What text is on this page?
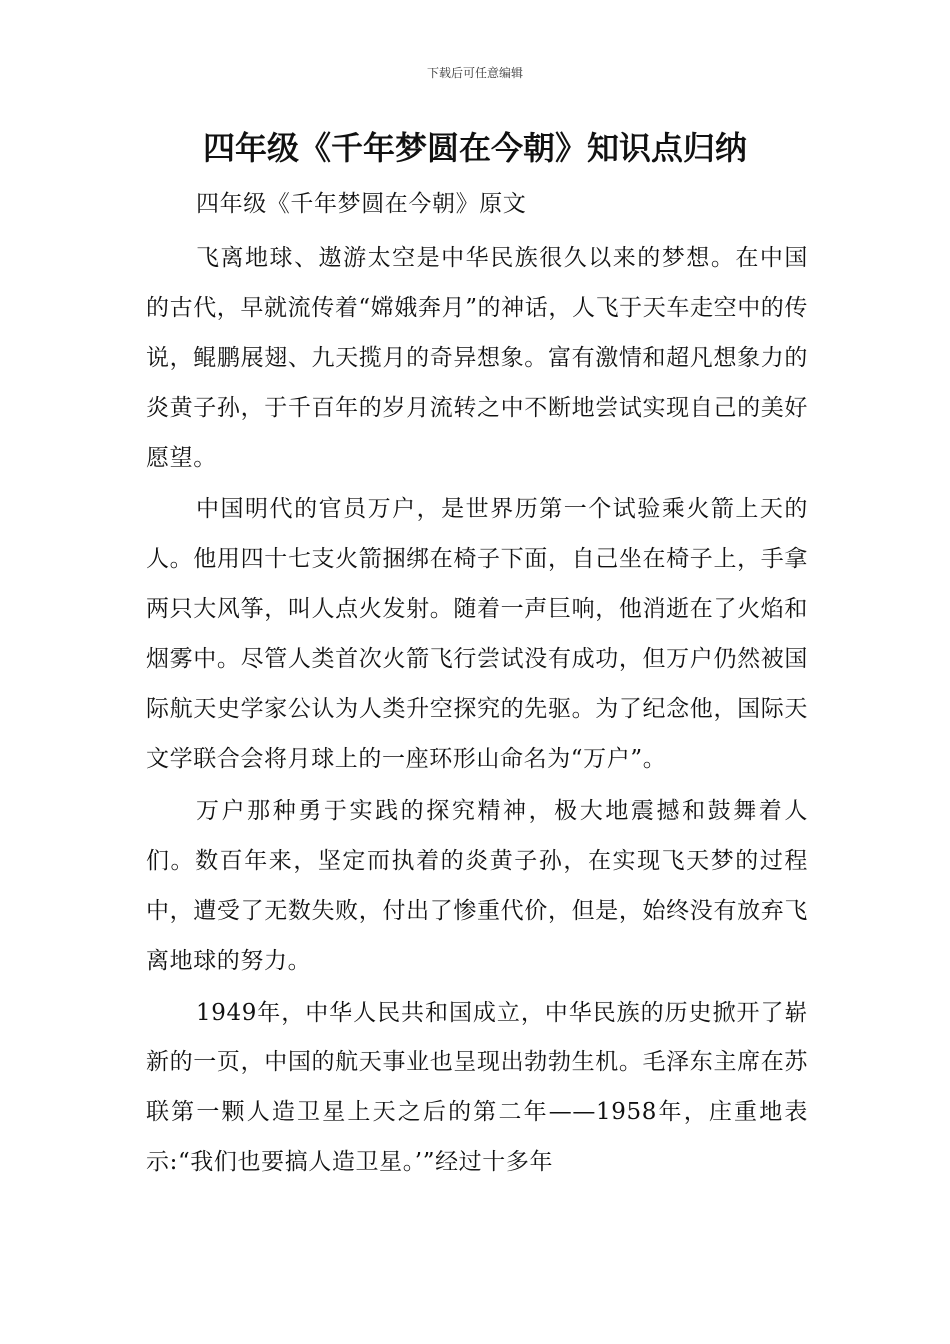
下载后可任意编辑
四年级《千年梦圆在今朝》知识点归纳

四年级《千年梦圆在今朝》原文

飞离地球、遨游太空是中华民族很久以来的梦想。在中国的古代，早就流传着“嫦娥奔月”的神话，人飞于天车走空中的传说，鲲鹏展翅、九天揽月的奇异想象。富有激情和超凡想象力的炎黄子孙，于千百年的岁月流转之中不断地尝试实现自己的美好愿望。

中国明代的官员万户，是世界历第一个试验乘火箭上天的人。他用四十七支火箭捆绑在椅子下面，自己坐在椅子上，手拿两只大风筝，叫人点火发射。随着一声巨响，他消逝在了火焰和烟雾中。尽管人类首次火箭飞行尝试没有成功，但万户仍然被国际航天史学家公认为人类升空探究的先驱。为了纪念他，国际天文学联合会将月球上的一座环形山命名为“万户”。

万户那种勇于实践的探究精神，极大地震撼和鼓舞着人们。数百年来，坚定而执着的炎黄子孙，在实现飞天梦的过程中，遭受了无数失败，付出了惨重代价，但是，始终没有放弃飞离地球的努力。

1949年，中华人民共和国成立，中华民族的历史掀开了崭新的一页，中国的航天事业也呈现出勃勃生机。毛泽东主席在苏联第一颗人造卫星上天之后的第二年——1958年，庄重地表示:“我们也要搞人造卫星。’”经过十多年
